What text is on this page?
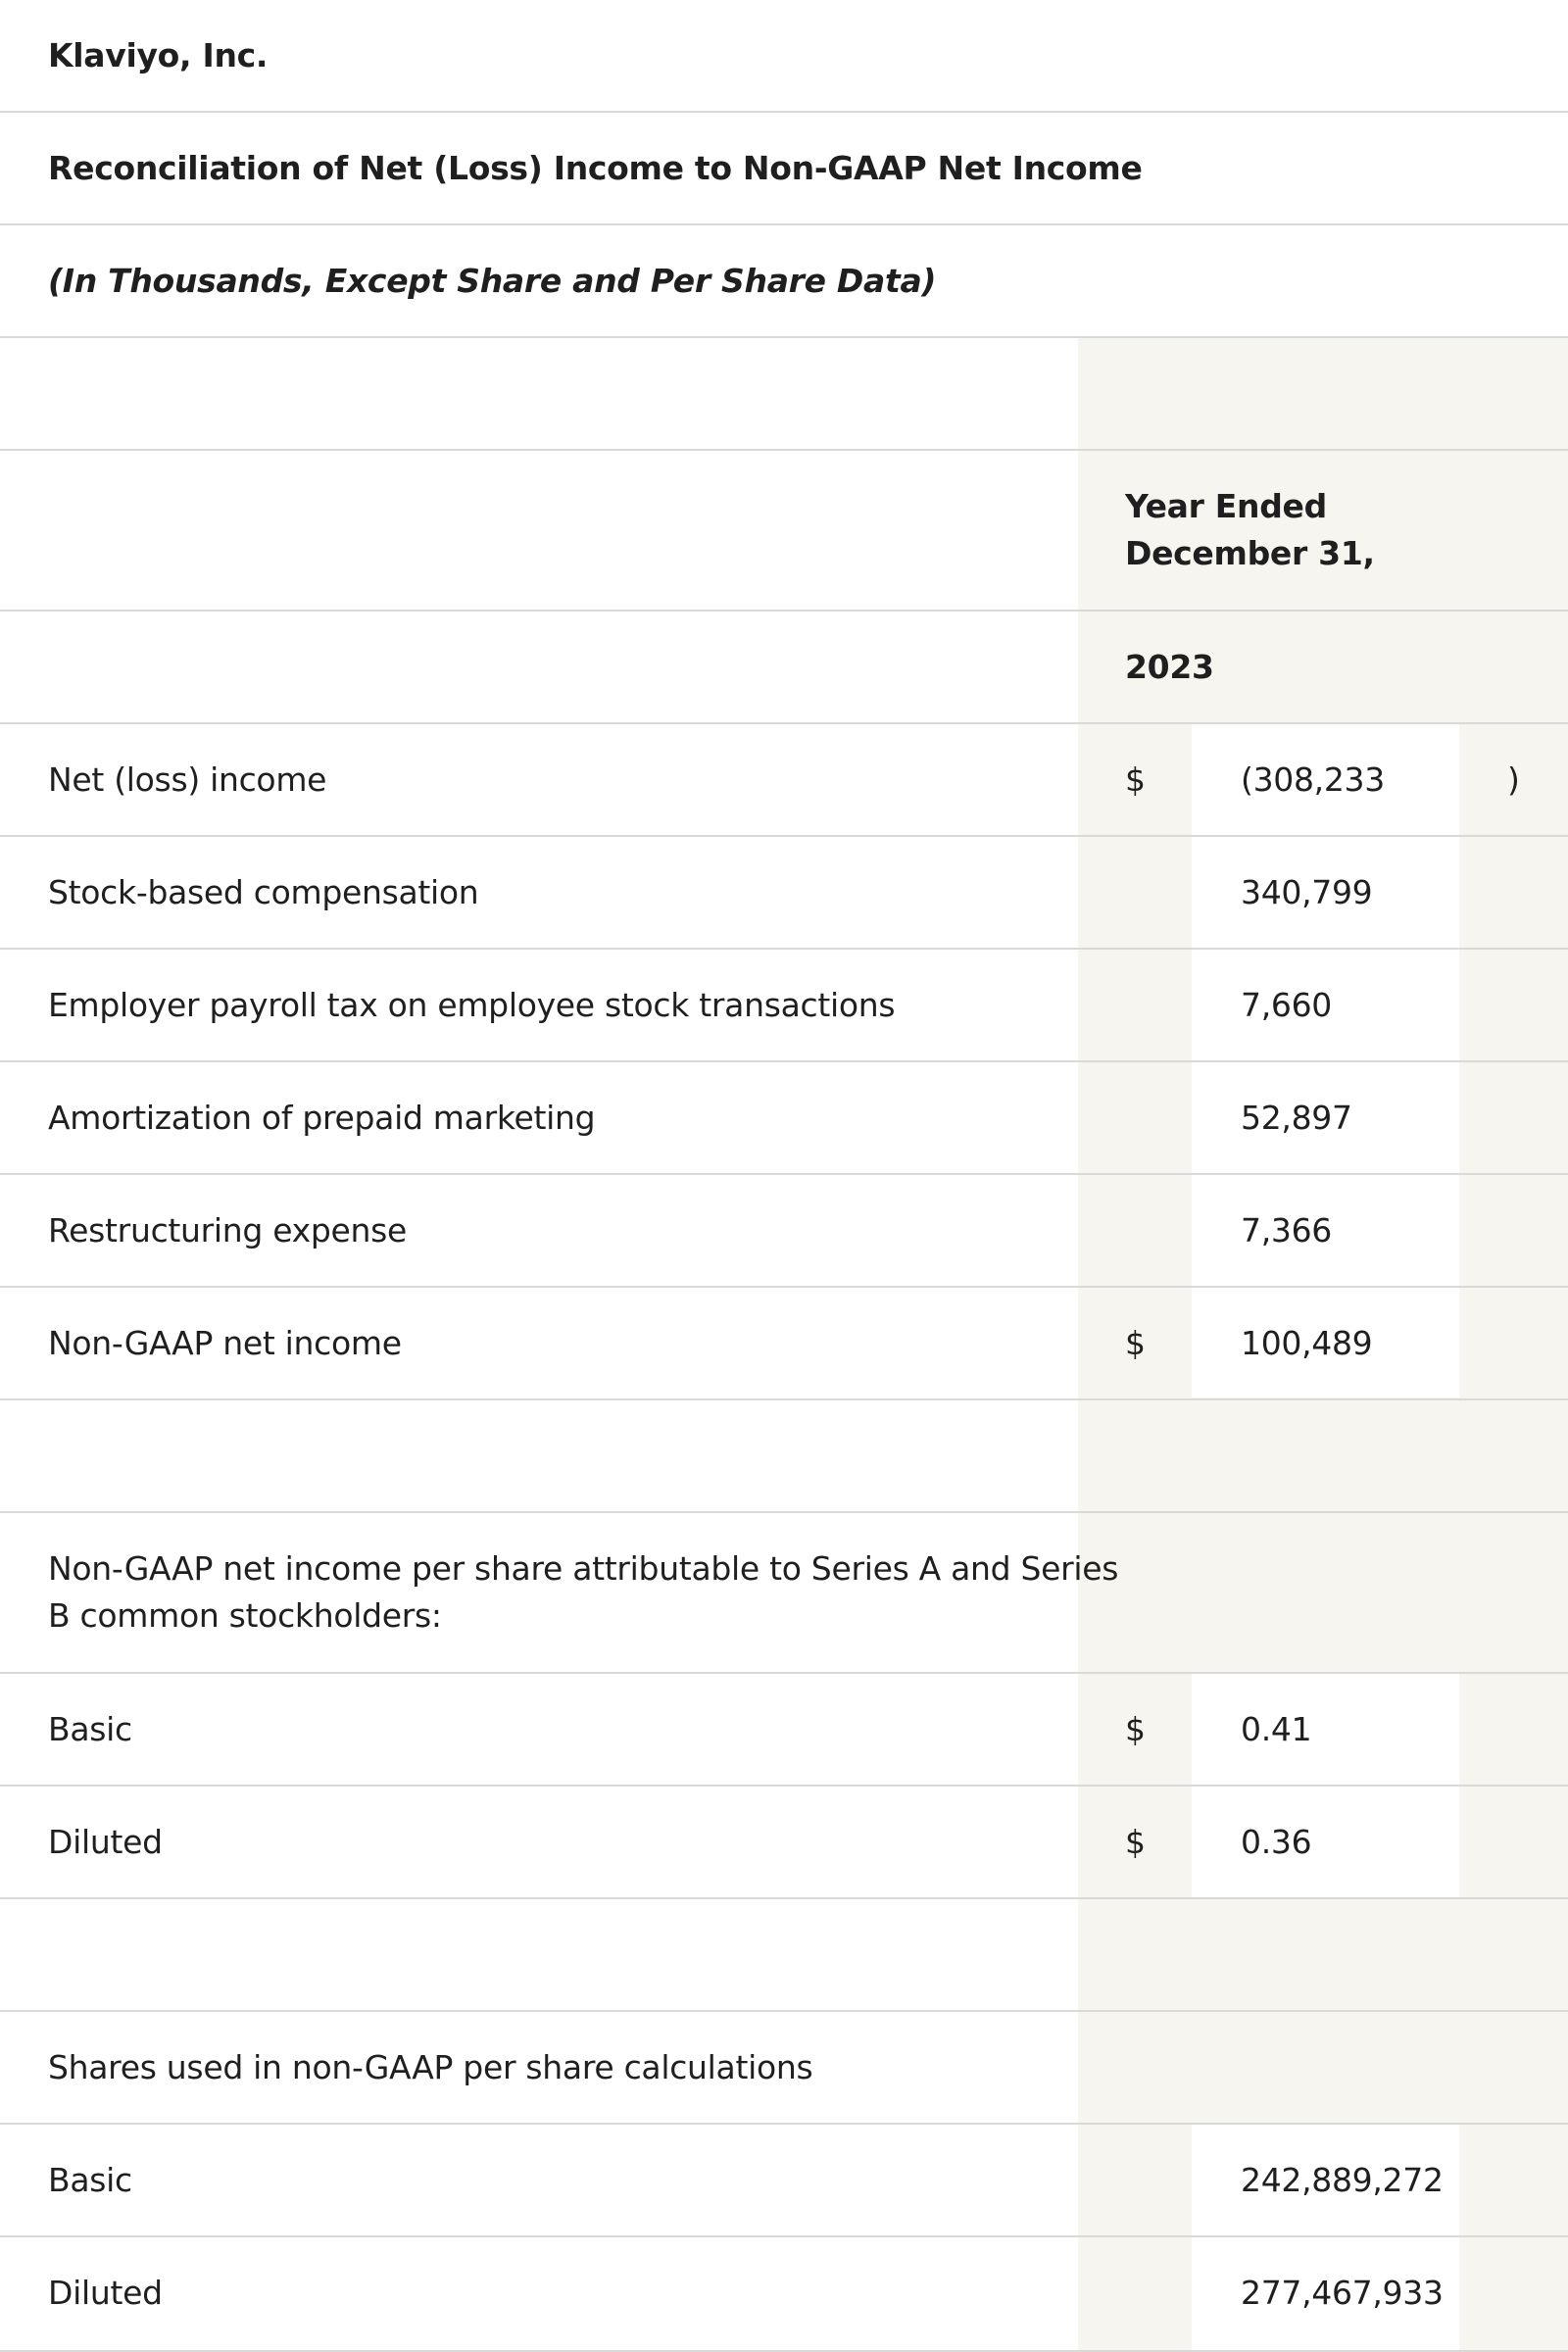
Klaviyo, Inc.
Reconciliation of Net (Loss) Income to Non-GAAP Net Income
(In Thousands, Except Share and Per Share Data)
Year Ended
December 31,
2023
Net (loss) income	$	(308,233	)
Stock-based compensation	340,799
Employer payroll tax on employee stock transactions	7,660
Amortization of prepaid marketing	52,897
Restructuring expense	7,366
Non-GAAP net income	$	100,489
Non-GAAP net income per share attributable to Series A and Series
B common stockholders:
Basic	$	0.41
Diluted	$	0.36
Shares used in non-GAAP per share calculations
Basic	242,889,272
Diluted	277,467,933
